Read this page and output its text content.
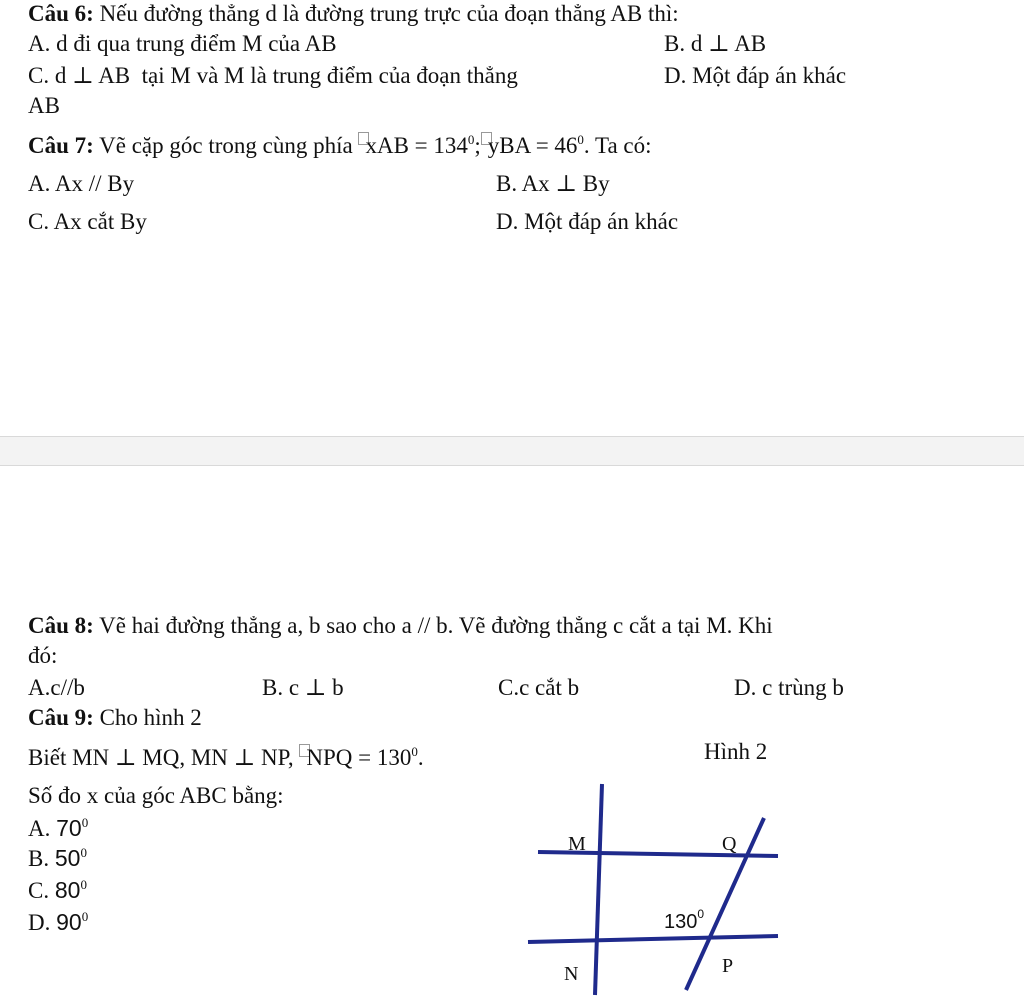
Câu 6: Nếu đường thẳng d là đường trung trực của đoạn thẳng AB thì:
A. d đi qua trung điểm M của AB	B. d ⊥ AB
C. d ⊥ AB  tại M và M là trung điểm của đoạn thẳng	D. Một đáp án khác
AB
Câu 7: Vẽ cặp góc trong cùng phía xAB = $134^0$; yBA = $46^0$. Ta có:
A. Ax // By	B. Ax ⊥ By
C. Ax cắt By	D. Một đáp án khác
Câu 8: Vẽ hai đường thẳng a, b sao cho a // b. Vẽ đường thẳng c cắt a tại M. Khi
đó:
A.c//b	B. c ⊥ b	C.c cắt b	D. c trùng b
Câu 9: Cho hình 2
Biết MN ⊥ MQ, MN ⊥ NP, NPQ = $130^0$.	Hình 2
Số đo x của góc ABC bằng:
A. $70^0$
B. $50^0$
C. $80^0$
D. $90^0$
M	Q
N	P
$130^0$
